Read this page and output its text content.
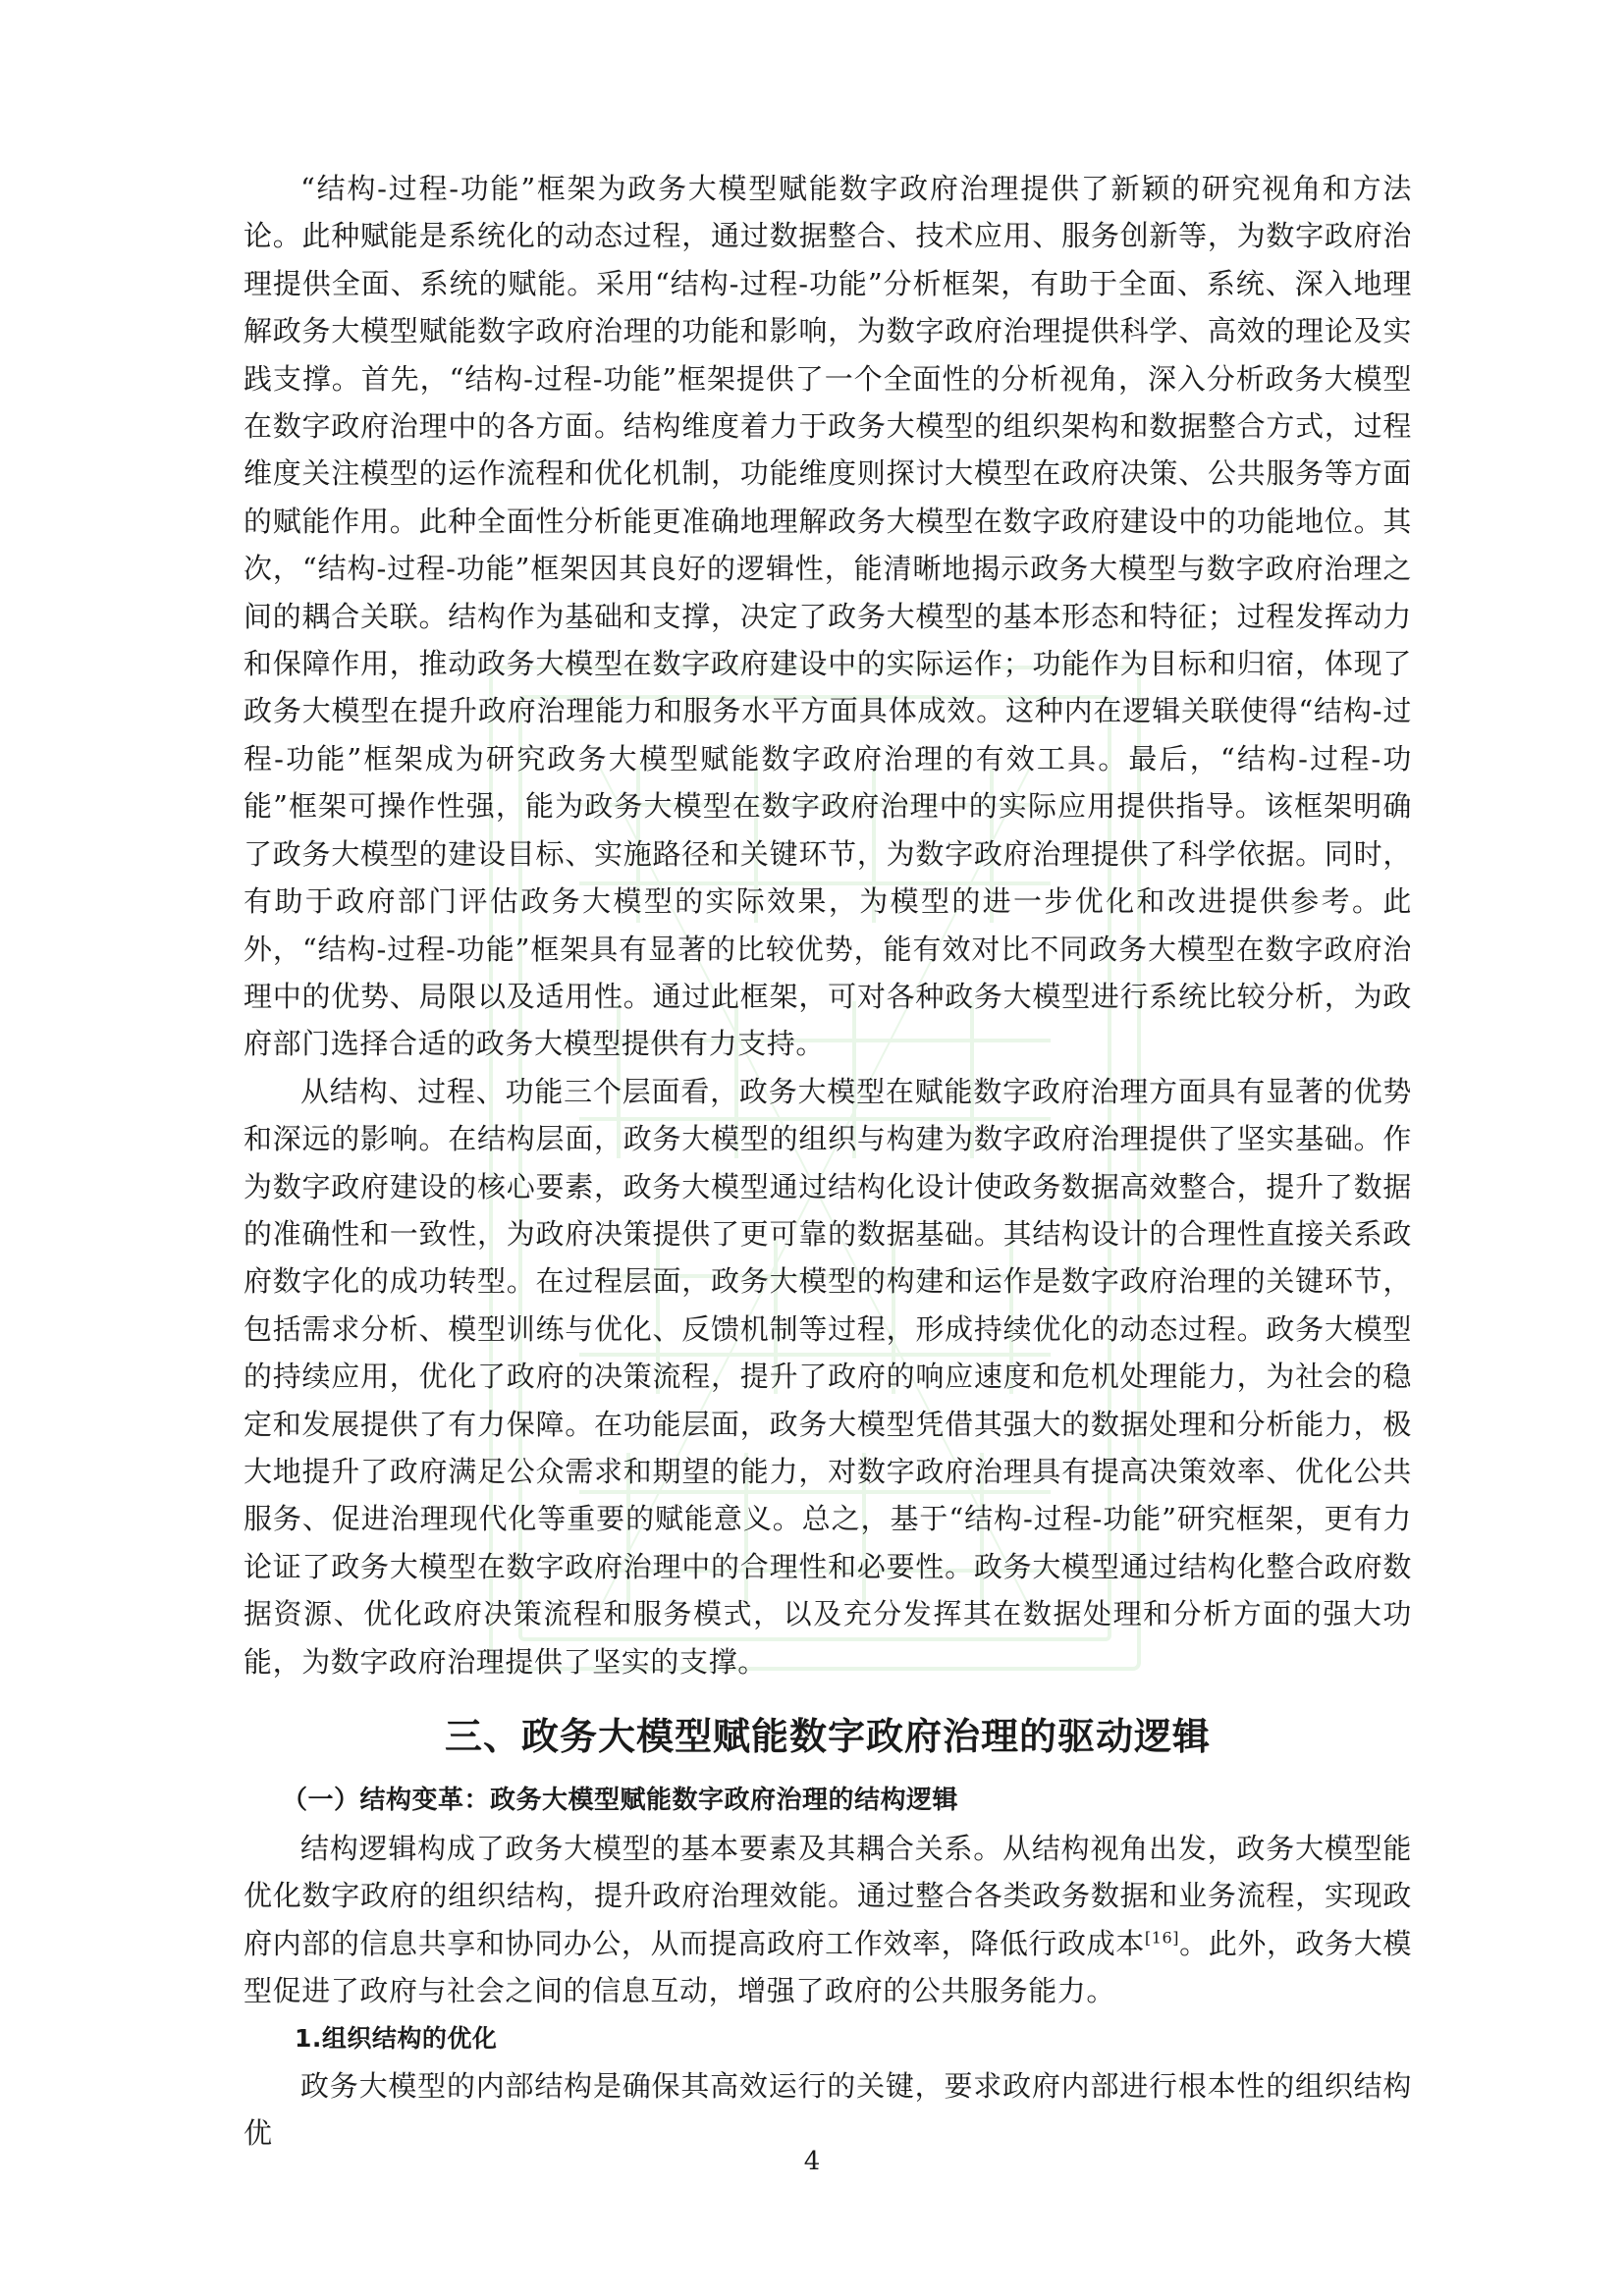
“结构-过程-功能”框架为政务大模型赋能数字政府治理提供了新颖的研究视角和方法论。此种赋能是系统化的动态过程，通过数据整合、技术应用、服务创新等，为数字政府治理提供全面、系统的赋能。采用“结构-过程-功能”分析框架，有助于全面、系统、深入地理解政务大模型赋能数字政府治理的功能和影响，为数字政府治理提供科学、高效的理论及实践支撑。首先，“结构-过程-功能”框架提供了一个全面性的分析视角，深入分析政务大模型在数字政府治理中的各方面。结构维度着力于政务大模型的组织架构和数据整合方式，过程维度关注模型的运作流程和优化机制，功能维度则探讨大模型在政府决策、公共服务等方面的赋能作用。此种全面性分析能更准确地理解政务大模型在数字政府建设中的功能地位。其次，“结构-过程-功能”框架因其良好的逻辑性，能清晰地揭示政务大模型与数字政府治理之间的耦合关联。结构作为基础和支撑，决定了政务大模型的基本形态和特征；过程发挥动力和保障作用，推动政务大模型在数字政府建设中的实际运作；功能作为目标和归宿，体现了政务大模型在提升政府治理能力和服务水平方面具体成效。这种内在逻辑关联使得“结构-过程-功能”框架成为研究政务大模型赋能数字政府治理的有效工具。最后，“结构-过程-功能”框架可操作性强，能为政务大模型在数字政府治理中的实际应用提供指导。该框架明确了政务大模型的建设目标、实施路径和关键环节，为数字政府治理提供了科学依据。同时，有助于政府部门评估政务大模型的实际效果，为模型的进一步优化和改进提供参考。此外，“结构-过程-功能”框架具有显著的比较优势，能有效对比不同政务大模型在数字政府治理中的优势、局限以及适用性。通过此框架，可对各种政务大模型进行系统比较分析，为政府部门选择合适的政务大模型提供有力支持。

从结构、过程、功能三个层面看，政务大模型在赋能数字政府治理方面具有显著的优势和深远的影响。在结构层面，政务大模型的组织与构建为数字政府治理提供了坚实基础。作为数字政府建设的核心要素，政务大模型通过结构化设计使政务数据高效整合，提升了数据的准确性和一致性，为政府决策提供了更可靠的数据基础。其结构设计的合理性直接关系政府数字化的成功转型。在过程层面，政务大模型的构建和运作是数字政府治理的关键环节，包括需求分析、模型训练与优化、反馈机制等过程，形成持续优化的动态过程。政务大模型的持续应用，优化了政府的决策流程，提升了政府的响应速度和危机处理能力，为社会的稳定和发展提供了有力保障。在功能层面，政务大模型凭借其强大的数据处理和分析能力，极大地提升了政府满足公众需求和期望的能力，对数字政府治理具有提高决策效率、优化公共服务、促进治理现代化等重要的赋能意义。总之，基于“结构-过程-功能”研究框架，更有力论证了政务大模型在数字政府治理中的合理性和必要性。政务大模型通过结构化整合政府数据资源、优化政府决策流程和服务模式，以及充分发挥其在数据处理和分析方面的强大功能，为数字政府治理提供了坚实的支撑。

三、政务大模型赋能数字政府治理的驱动逻辑
（一）结构变革：政务大模型赋能数字政府治理的结构逻辑

结构逻辑构成了政务大模型的基本要素及其耦合关系。从结构视角出发，政务大模型能优化数字政府的组织结构，提升政府治理效能。通过整合各类政务数据和业务流程，实现政府内部的信息共享和协同办公，从而提高政府工作效率，降低行政成本[16]。此外，政务大模型促进了政府与社会之间的信息互动，增强了政府的公共服务能力。

1.组织结构的优化

政务大模型的内部结构是确保其高效运行的关键，要求政府内部进行根本性的组织结构优

4
